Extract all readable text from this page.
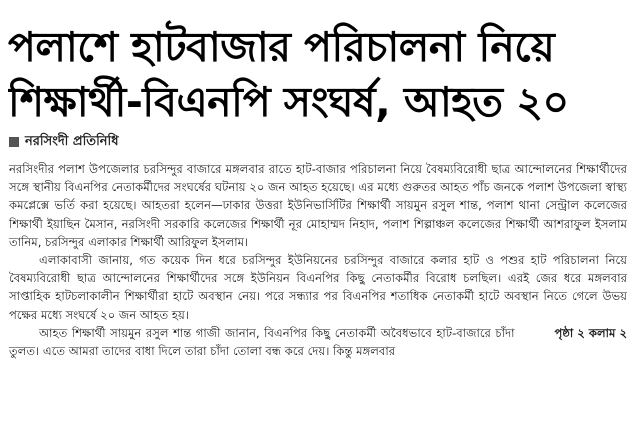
পলাশে হাটবাজার পরিচালনা নিয়ে
শিক্ষার্থী-বিএনপি সংঘর্ষ, আহত ২০
নরসিংদী প্রতিনিধি

নরসিংদীর পলাশ উপজেলার চরসিন্দুর বাজারে মঙ্গলবার রাতে হাট-বাজার পরিচালনা নিয়ে বৈষম্যবিরোধী ছাত্র আন্দোলনের শিক্ষার্থীদের সঙ্গে স্থানীয় বিএনপির নেতাকর্মীদের সংঘর্ষের ঘটনায় ২০ জন আহত হয়েছে। এর মধ্যে গুরুতর আহত পাঁচ জনকে পলাশ উপজেলা স্বাস্থ্য কমপ্লেক্সে ভর্তি করা হয়েছে। আহতরা হলেন—ঢাকার উত্তরা ইউনিভার্সিটির শিক্ষার্থী সায়মুন রসুল শান্ত, পলাশ থানা সেন্ট্রাল কলেজের শিক্ষার্থী ইয়াছিন মৈসান, নরসিংদী সরকারি কলেজের শিক্ষার্থী নূর মোহাম্মদ নিহাদ, পলাশ শিল্পাঞ্চল কলেজের শিক্ষার্থী আশরাফুল ইসলাম তানিম, চরসিন্দুর এলাকার শিক্ষার্থী আরিফুল ইসলাম।

এলাকাবাসী জানায়, গত কয়েক দিন ধরে চরসিন্দুর ইউনিয়নের চরসিন্দুর বাজারে কলার হাট ও পশুর হাট পরিচালনা নিয়ে বৈষম্যবিরোধী ছাত্র আন্দোলনের শিক্ষার্থীদের সঙ্গে ইউনিয়ন বিএনপির কিছু নেতাকর্মীর বিরোধ চলছিল। এরই জের ধরে মঙ্গলবার সাপ্তাহিক হাটচলাকালীন শিক্ষার্থীরা হাটে অবস্থান নেয়। পরে সন্ধ্যার পর বিএনপির শতাধিক নেতাকর্মী হাটে অবস্থান নিতে গেলে উভয় পক্ষের মধ্যে সংঘর্ষে ২০ জন আহত হয়।

পৃষ্ঠা ২ কলাম ২
আহত শিক্ষার্থী সায়মুন রসুল শান্ত গাজী জানান, বিএনপির কিছু নেতাকর্মী অবৈধভাবে হাট-বাজারে চাঁদা তুলত। এতে আমরা তাদের বাধা দিলে তারা চাঁদা তোলা বন্ধ করে দেয়। কিন্তু মঙ্গলবার
